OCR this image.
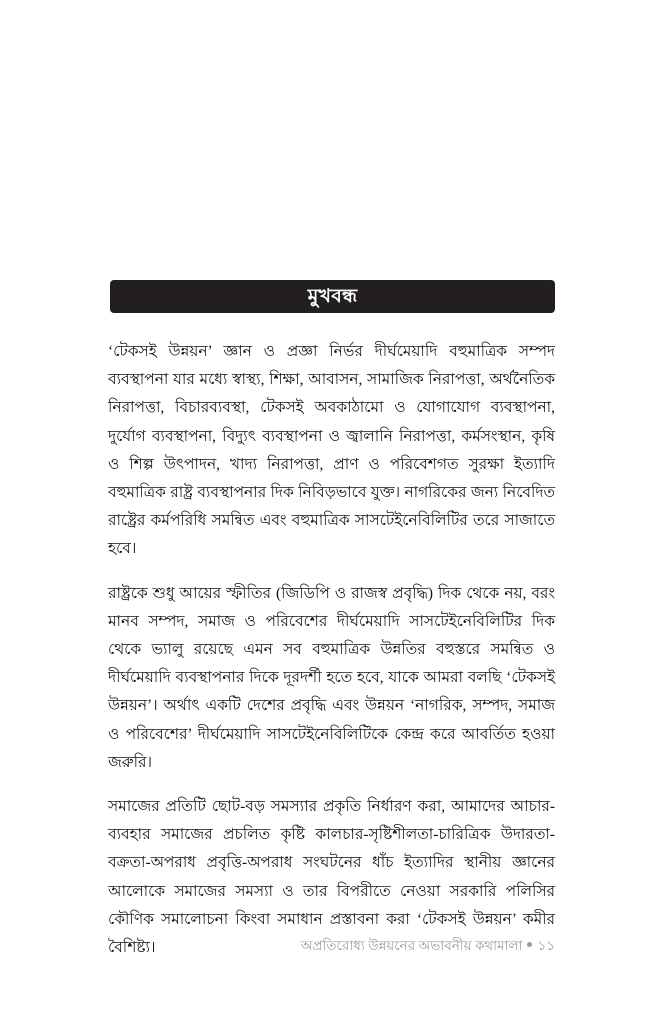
মুখবন্ধ

‘টেকসই উন্নয়ন’ জ্ঞান ও প্রজ্ঞা নির্ভর দীর্ঘমেয়াদি বহুমাত্রিক সম্পদ ব্যবস্থাপনা যার মধ্যে স্বাস্থ্য, শিক্ষা, আবাসন, সামাজিক নিরাপত্তা, অর্থনৈতিক নিরাপত্তা, বিচারব্যবস্থা, টেকসই অবকাঠামো ও যোগাযোগ ব্যবস্থাপনা, দুর্যোগ ব্যবস্থাপনা, বিদ্যুৎ ব্যবস্থাপনা ও জ্বালানি নিরাপত্তা, কর্মসংস্থান, কৃষি ও শিল্প উৎপাদন, খাদ্য নিরাপত্তা, প্রাণ ও পরিবেশগত সুরক্ষা ইত্যাদি বহুমাত্রিক রাষ্ট্র ব্যবস্থাপনার দিক নিবিড়ভাবে যুক্ত। নাগরিকের জন্য নিবেদিত রাষ্ট্রের কর্মপরিধি সমন্বিত এবং বহুমাত্রিক সাসটেইনেবিলিটির তরে সাজাতে হবে।

রাষ্ট্রকে শুধু আয়ের স্ফীতির (জিডিপি ও রাজস্ব প্রবৃদ্ধি) দিক থেকে নয়, বরং মানব সম্পদ, সমাজ ও পরিবেশের দীর্ঘমেয়াদি সাসটেইনেবিলিটির দিক থেকে ভ্যালু রয়েছে এমন সব বহুমাত্রিক উন্নতির বহুস্তরে সমন্বিত ও দীর্ঘমেয়াদি ব্যবস্থাপনার দিকে দূরদর্শী হতে হবে, যাকে আমরা বলছি ‘টেকসই উন্নয়ন’। অর্থাৎ একটি দেশের প্রবৃদ্ধি এবং উন্নয়ন ‘নাগরিক, সম্পদ, সমাজ ও পরিবেশের’ দীর্ঘমেয়াদি সাসটেইনেবিলিটিকে কেন্দ্র করে আবর্তিত হওয়া জরুরি।

সমাজের প্রতিটি ছোট-বড় সমস্যার প্রকৃতি নির্ধারণ করা, আমাদের আচার-ব্যবহার সমাজের প্রচলিত কৃষ্টি কালচার-সৃষ্টিশীলতা-চারিত্রিক উদারতা-বক্রতা-অপরাধ প্রবৃত্তি-অপরাধ সংঘটনের ধাঁচ ইত্যাদির স্থানীয় জ্ঞানের আলোকে সমাজের সমস্যা ও তার বিপরীতে নেওয়া সরকারি পলিসির কৌণিক সমালোচনা কিংবা সমাধান প্রস্তাবনা করা ‘টেকসই উন্নয়ন’ কমীর বৈশিষ্ট্য।	অপ্রতিরোধ্য উন্নয়নের অভাবনীয় কথামালা ১১
